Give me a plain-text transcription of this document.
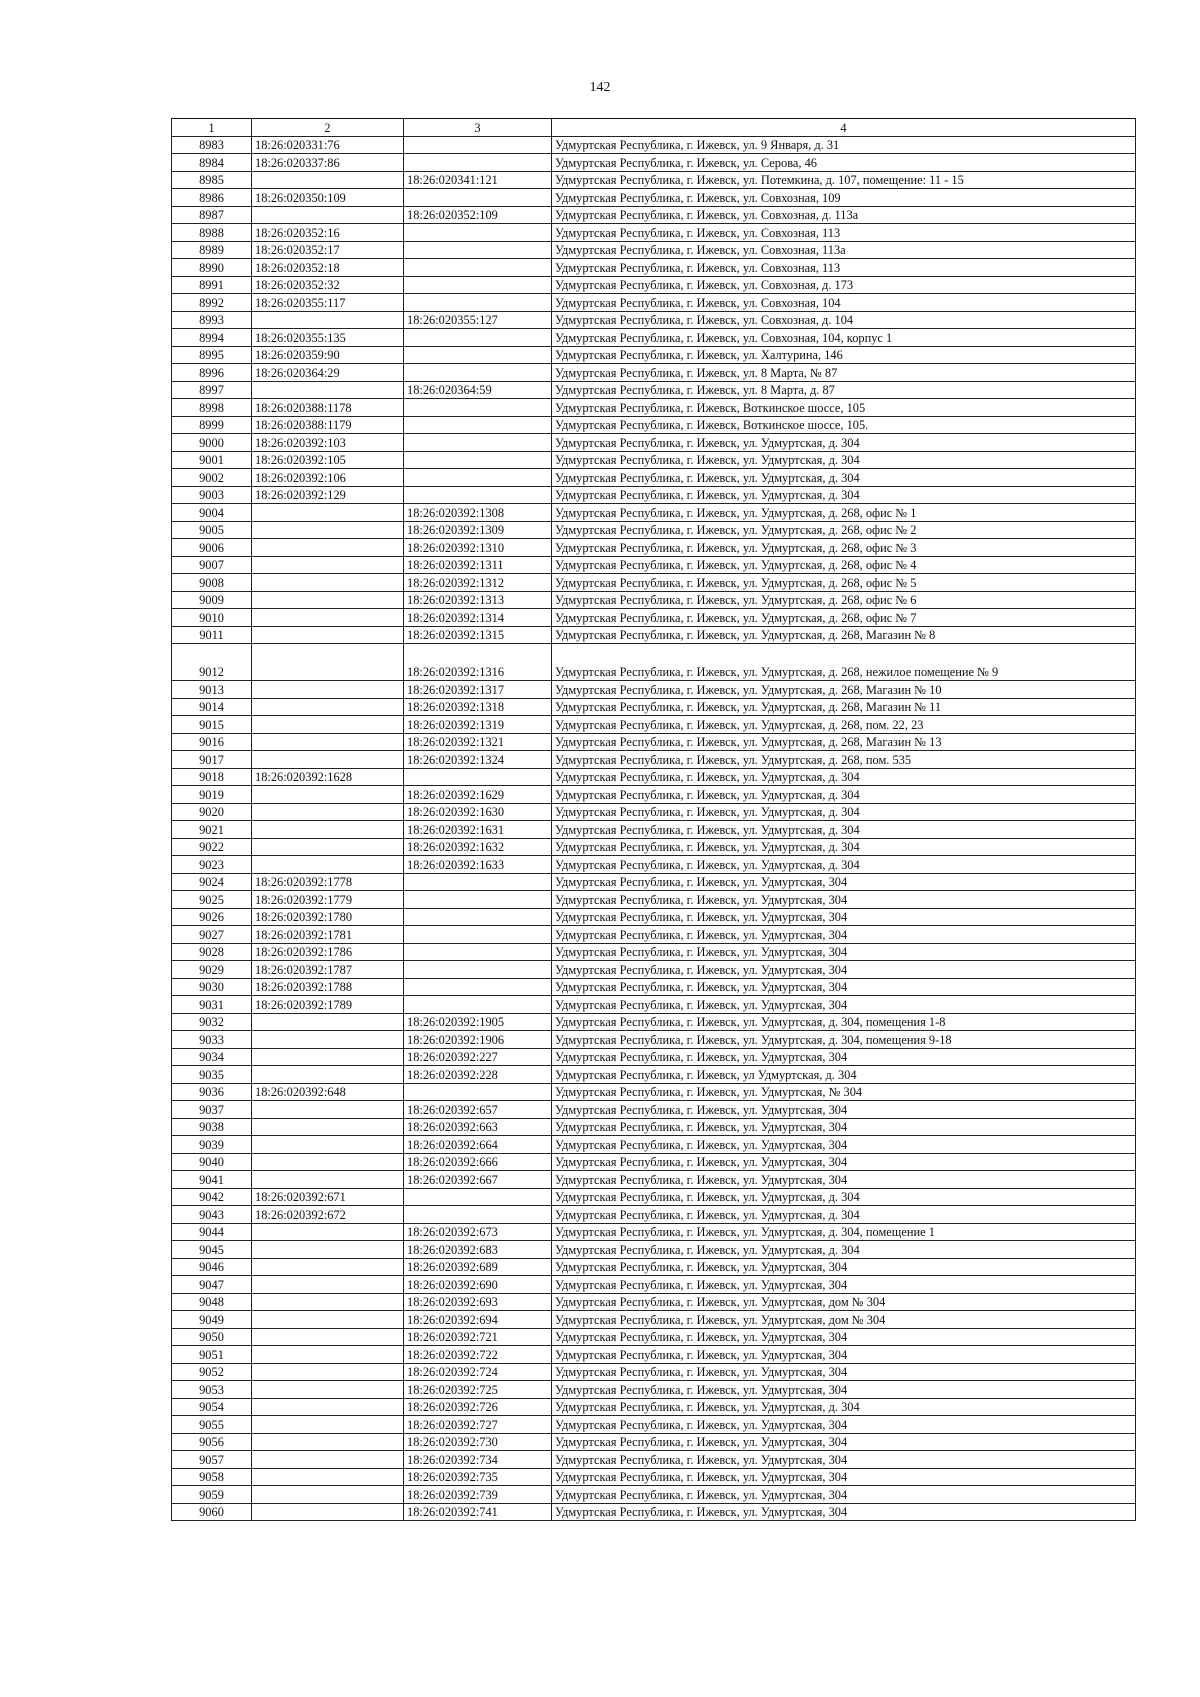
142
1	2	3	4
8983	18:26:020331:76		Удмуртская Республика, г. Ижевск, ул. 9 Января, д. 31
8984	18:26:020337:86		Удмуртская Республика, г. Ижевск, ул. Серова, 46
8985		18:26:020341:121	Удмуртская Республика, г. Ижевск, ул. Потемкина, д. 107, помещение: 11 - 15
8986	18:26:020350:109		Удмуртская Республика, г. Ижевск, ул. Совхозная, 109
8987		18:26:020352:109	Удмуртская Республика, г. Ижевск, ул. Совхозная, д. 113а
8988	18:26:020352:16		Удмуртская Республика, г. Ижевск, ул. Совхозная, 113
8989	18:26:020352:17		Удмуртская Республика, г. Ижевск, ул. Совхозная, 113а
8990	18:26:020352:18		Удмуртская Республика, г. Ижевск, ул. Совхозная, 113
8991	18:26:020352:32		Удмуртская Республика, г. Ижевск, ул. Совхозная, д. 173
8992	18:26:020355:117		Удмуртская Республика, г. Ижевск, ул. Совхозная, 104
8993		18:26:020355:127	Удмуртская Республика, г. Ижевск, ул. Совхозная, д. 104
8994	18:26:020355:135		Удмуртская Республика, г. Ижевск, ул. Совхозная, 104, корпус 1
8995	18:26:020359:90		Удмуртская Республика, г. Ижевск, ул. Халтурина, 146
8996	18:26:020364:29		Удмуртская Республика, г. Ижевск, ул. 8 Марта, № 87
8997		18:26:020364:59	Удмуртская Республика, г. Ижевск, ул. 8 Марта, д. 87
8998	18:26:020388:1178		Удмуртская Республика, г. Ижевск, Воткинское шоссе, 105
8999	18:26:020388:1179		Удмуртская Республика, г. Ижевск, Воткинское шоссе, 105.
9000	18:26:020392:103		Удмуртская Республика, г. Ижевск, ул. Удмуртская, д. 304
9001	18:26:020392:105		Удмуртская Республика, г. Ижевск, ул. Удмуртская, д. 304
9002	18:26:020392:106		Удмуртская Республика, г. Ижевск, ул. Удмуртская, д. 304
9003	18:26:020392:129		Удмуртская Республика, г. Ижевск, ул. Удмуртская, д. 304
9004		18:26:020392:1308	Удмуртская Республика, г. Ижевск, ул. Удмуртская, д. 268, офис № 1
9005		18:26:020392:1309	Удмуртская Республика, г. Ижевск, ул. Удмуртская, д. 268, офис № 2
9006		18:26:020392:1310	Удмуртская Республика, г. Ижевск, ул. Удмуртская, д. 268, офис № 3
9007		18:26:020392:1311	Удмуртская Республика, г. Ижевск, ул. Удмуртская, д. 268, офис № 4
9008		18:26:020392:1312	Удмуртская Республика, г. Ижевск, ул. Удмуртская, д. 268, офис № 5
9009		18:26:020392:1313	Удмуртская Республика, г. Ижевск, ул. Удмуртская, д. 268, офис № 6
9010		18:26:020392:1314	Удмуртская Республика, г. Ижевск, ул. Удмуртская, д. 268, офис № 7
9011		18:26:020392:1315	Удмуртская Республика, г. Ижевск, ул. Удмуртская, д. 268, Магазин № 8
9012		18:26:020392:1316	Удмуртская Республика, г. Ижевск, ул. Удмуртская, д. 268, нежилое помещение № 9
9013		18:26:020392:1317	Удмуртская Республика, г. Ижевск, ул. Удмуртская, д. 268, Магазин № 10
9014		18:26:020392:1318	Удмуртская Республика, г. Ижевск, ул. Удмуртская, д. 268, Магазин № 11
9015		18:26:020392:1319	Удмуртская Республика, г. Ижевск, ул. Удмуртская, д. 268, пом. 22, 23
9016		18:26:020392:1321	Удмуртская Республика, г. Ижевск, ул. Удмуртская, д. 268, Магазин № 13
9017		18:26:020392:1324	Удмуртская Республика, г. Ижевск, ул. Удмуртская, д. 268, пом. 535
9018	18:26:020392:1628		Удмуртская Республика, г. Ижевск, ул. Удмуртская, д. 304
9019		18:26:020392:1629	Удмуртская Республика, г. Ижевск, ул. Удмуртская, д. 304
9020		18:26:020392:1630	Удмуртская Республика, г. Ижевск, ул. Удмуртская, д. 304
9021		18:26:020392:1631	Удмуртская Республика, г. Ижевск, ул. Удмуртская, д. 304
9022		18:26:020392:1632	Удмуртская Республика, г. Ижевск, ул. Удмуртская, д. 304
9023		18:26:020392:1633	Удмуртская Республика, г. Ижевск, ул. Удмуртская, д. 304
9024	18:26:020392:1778		Удмуртская Республика, г. Ижевск, ул. Удмуртская, 304
9025	18:26:020392:1779		Удмуртская Республика, г. Ижевск, ул. Удмуртская, 304
9026	18:26:020392:1780		Удмуртская Республика, г. Ижевск, ул. Удмуртская, 304
9027	18:26:020392:1781		Удмуртская Республика, г. Ижевск, ул. Удмуртская, 304
9028	18:26:020392:1786		Удмуртская Республика, г. Ижевск, ул. Удмуртская, 304
9029	18:26:020392:1787		Удмуртская Республика, г. Ижевск, ул. Удмуртская, 304
9030	18:26:020392:1788		Удмуртская Республика, г. Ижевск, ул. Удмуртская, 304
9031	18:26:020392:1789		Удмуртская Республика, г. Ижевск, ул. Удмуртская, 304
9032		18:26:020392:1905	Удмуртская Республика, г. Ижевск, ул. Удмуртская, д. 304, помещения 1-8
9033		18:26:020392:1906	Удмуртская Республика, г. Ижевск, ул. Удмуртская, д. 304, помещения 9-18
9034		18:26:020392:227	Удмуртская Республика, г. Ижевск, ул. Удмуртская, 304
9035		18:26:020392:228	Удмуртская Республика, г. Ижевск, ул Удмуртская, д. 304
9036	18:26:020392:648		Удмуртская Республика, г. Ижевск, ул. Удмуртская, № 304
9037		18:26:020392:657	Удмуртская Республика, г. Ижевск, ул. Удмуртская, 304
9038		18:26:020392:663	Удмуртская Республика, г. Ижевск, ул. Удмуртская, 304
9039		18:26:020392:664	Удмуртская Республика, г. Ижевск, ул. Удмуртская, 304
9040		18:26:020392:666	Удмуртская Республика, г. Ижевск, ул. Удмуртская, 304
9041		18:26:020392:667	Удмуртская Республика, г. Ижевск, ул. Удмуртская, 304
9042	18:26:020392:671		Удмуртская Республика, г. Ижевск, ул. Удмуртская, д. 304
9043	18:26:020392:672		Удмуртская Республика, г. Ижевск, ул. Удмуртская, д. 304
9044		18:26:020392:673	Удмуртская Республика, г. Ижевск, ул. Удмуртская, д. 304, помещение 1
9045		18:26:020392:683	Удмуртская Республика, г. Ижевск, ул. Удмуртская, д. 304
9046		18:26:020392:689	Удмуртская Республика, г. Ижевск, ул. Удмуртская, 304
9047		18:26:020392:690	Удмуртская Республика, г. Ижевск, ул. Удмуртская, 304
9048		18:26:020392:693	Удмуртская Республика, г. Ижевск, ул. Удмуртская, дом № 304
9049		18:26:020392:694	Удмуртская Республика, г. Ижевск, ул. Удмуртская, дом № 304
9050		18:26:020392:721	Удмуртская Республика, г. Ижевск, ул. Удмуртская, 304
9051		18:26:020392:722	Удмуртская Республика, г. Ижевск, ул. Удмуртская, 304
9052		18:26:020392:724	Удмуртская Республика, г. Ижевск, ул. Удмуртская, 304
9053		18:26:020392:725	Удмуртская Республика, г. Ижевск, ул. Удмуртская, 304
9054		18:26:020392:726	Удмуртская Республика, г. Ижевск, ул. Удмуртская, д. 304
9055		18:26:020392:727	Удмуртская Республика, г. Ижевск, ул. Удмуртская, 304
9056		18:26:020392:730	Удмуртская Республика, г. Ижевск, ул. Удмуртская, 304
9057		18:26:020392:734	Удмуртская Республика, г. Ижевск, ул. Удмуртская, 304
9058		18:26:020392:735	Удмуртская Республика, г. Ижевск, ул. Удмуртская, 304
9059		18:26:020392:739	Удмуртская Республика, г. Ижевск, ул. Удмуртская, 304
9060		18:26:020392:741	Удмуртская Республика, г. Ижевск, ул. Удмуртская, 304
